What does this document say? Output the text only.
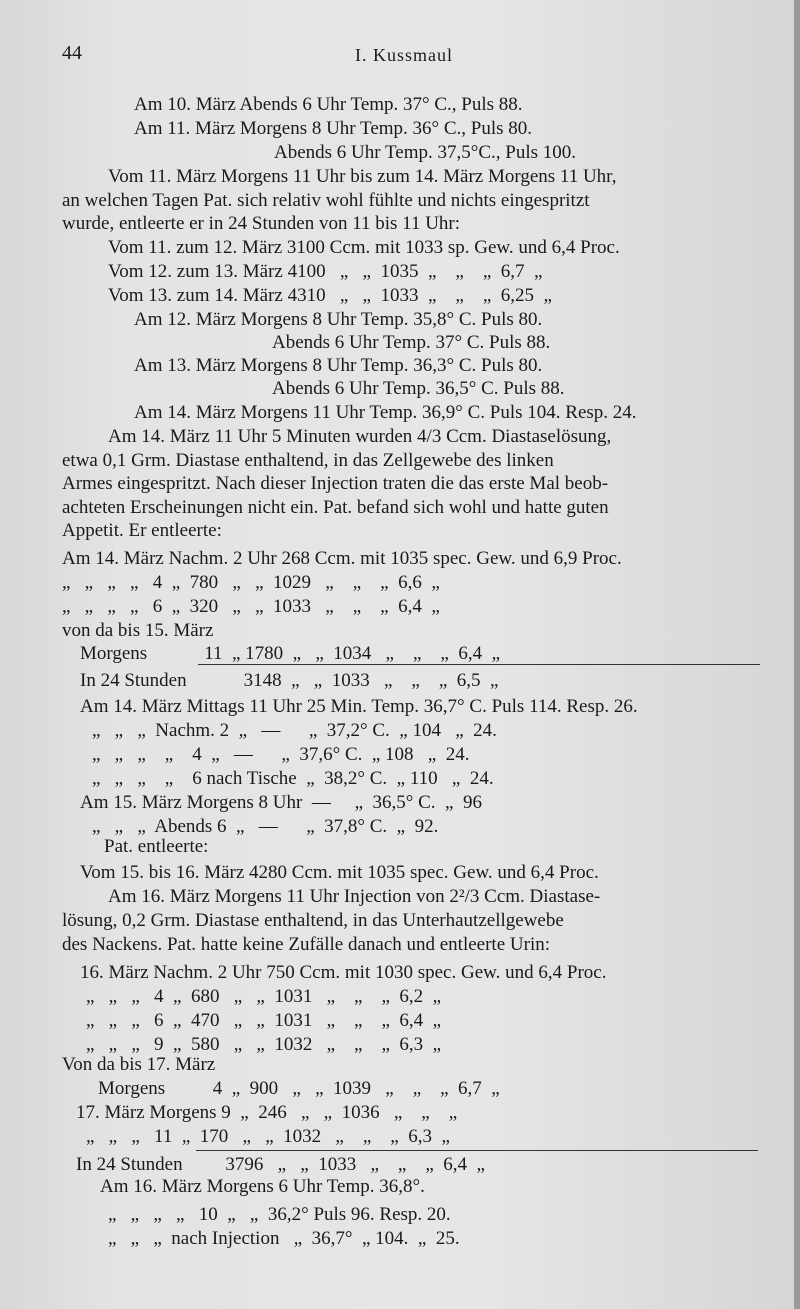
44	I. Kussmaul
Am 10. März Abends 6 Uhr Temp. 37° C., Puls 88.
Am 11. März Morgens 8 Uhr Temp. 36° C., Puls 80.
Abends 6 Uhr Temp. 37,5°C., Puls 100.
Vom 11. März Morgens 11 Uhr bis zum 14. März Morgens 11 Uhr,
an welchen Tagen Pat. sich relativ wohl fühlte und nichts eingespritzt
wurde, entleerte er in 24 Stunden von 11 bis 11 Uhr:
Vom 11. zum 12. März 3100 Ccm. mit 1033 sp. Gew. und 6,4 Proc.
Vom 12. zum 13. März 4100   „   „  1035  „    „    „  6,7  „
Vom 13. zum 14. März 4310   „   „  1033  „    „    „  6,25  „
Am 12. März Morgens 8 Uhr Temp. 35,8° C. Puls 80.
Abends 6 Uhr Temp. 37° C. Puls 88.
Am 13. März Morgens 8 Uhr Temp. 36,3° C. Puls 80.
Abends 6 Uhr Temp. 36,5° C. Puls 88.
Am 14. März Morgens 11 Uhr Temp. 36,9° C. Puls 104. Resp. 24.
Am 14. März 11 Uhr 5 Minuten wurden 4/3 Ccm. Diastaselösung,
etwa 0,1 Grm. Diastase enthaltend, in das Zellgewebe des linken
Armes eingespritzt. Nach dieser Injection traten die das erste Mal beob-
achteten Erscheinungen nicht ein. Pat. befand sich wohl und hatte guten
Appetit. Er entleerte:
Am 14. März Nachm. 2 Uhr 268 Ccm. mit 1035 spec. Gew. und 6,9 Proc.
„   „   „   „   4  „  780   „   „  1029   „    „    „  6,6  „
„   „   „   „   6  „  320   „   „  1033   „    „    „  6,4  „
von da bis 15. März
Morgens            11  „ 1780  „   „  1034   „    „    „  6,4  „
In 24 Stunden            3148  „   „  1033   „    „    „  6,5  „
Am 14. März Mittags 11 Uhr 25 Min. Temp. 36,7° C. Puls 114. Resp. 26.
„   „   „  Nachm. 2  „   —      „  37,2° C.  „ 104   „  24.
„   „   „    „    4  „   —      „  37,6° C.  „ 108   „  24.
„   „   „    „    6 nach Tische  „  38,2° C.  „ 110   „  24.
Am 15. März Morgens 8 Uhr  —     „  36,5° C.  „  96
„   „   „  Abends 6  „   —      „  37,8° C.  „  92.
Pat. entleerte:
Vom 15. bis 16. März 4280 Ccm. mit 1035 spec. Gew. und 6,4 Proc.
Am 16. März Morgens 11 Uhr Injection von 2²/3 Ccm. Diastase-
lösung, 0,2 Grm. Diastase enthaltend, in das Unterhautzellgewebe
des Nackens. Pat. hatte keine Zufälle danach und entleerte Urin:
16. März Nachm. 2 Uhr 750 Ccm. mit 1030 spec. Gew. und 6,4 Proc.
„   „   „   4  „  680   „   „  1031   „    „    „  6,2  „
„   „   „   6  „  470   „   „  1031   „    „    „  6,4  „
„   „   „   9  „  580   „   „  1032   „    „    „  6,3  „
Von da bis 17. März
Morgens          4  „  900   „   „  1039   „    „    „  6,7  „
17. März Morgens 9  „  246   „   „  1036   „    „    „
„   „   „   11  „  170   „   „  1032   „    „    „  6,3  „
In 24 Stunden         3796   „   „  1033   „    „    „  6,4  „
Am 16. März Morgens 6 Uhr Temp. 36,8°.
„   „   „   „   10  „   „  36,2° Puls 96. Resp. 20.
„   „   „  nach Injection   „  36,7°  „ 104.  „  25.
